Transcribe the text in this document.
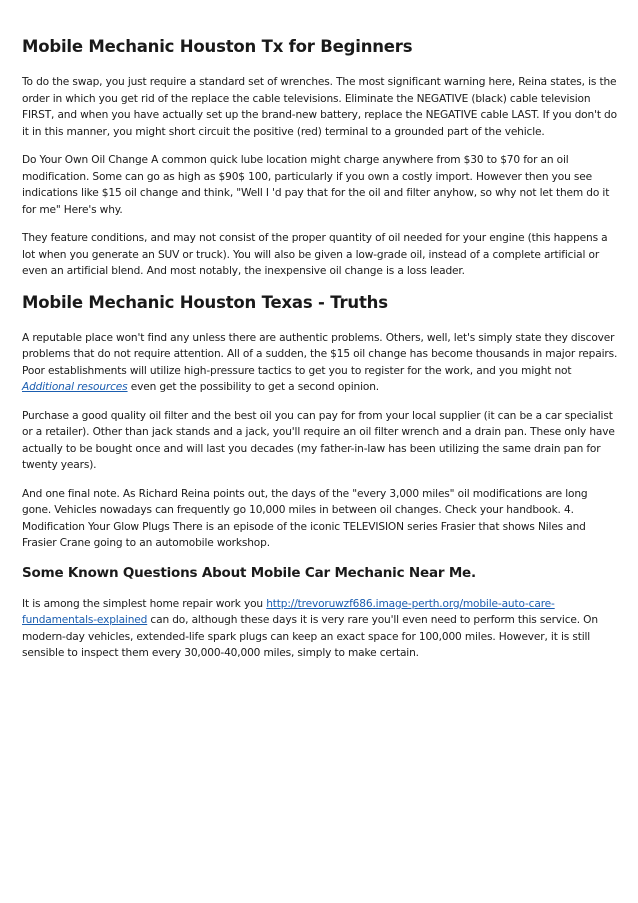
Mobile Mechanic Houston Tx for Beginners

To do the swap, you just require a standard set of wrenches. The most significant warning here, Reina states, is the order in which you get rid of the replace the cable televisions. Eliminate the NEGATIVE (black) cable television FIRST, and when you have actually set up the brand-new battery, replace the NEGATIVE cable LAST. If you don't do it in this manner, you might short circuit the positive (red) terminal to a grounded part of the vehicle.

Do Your Own Oil Change A common quick lube location might charge anywhere from $30 to $70 for an oil modification. Some can go as high as $90$ 100, particularly if you own a costly import. However then you see indications like $15 oil change and think, "Well I 'd pay that for the oil and filter anyhow, so why not let them do it for me" Here's why.

They feature conditions, and may not consist of the proper quantity of oil needed for your engine (this happens a lot when you generate an SUV or truck). You will also be given a low-grade oil, instead of a complete artificial or even an artificial blend. And most notably, the inexpensive oil change is a loss leader.

Mobile Mechanic Houston Texas - Truths

A reputable place won't find any unless there are authentic problems. Others, well, let's simply state they discover problems that do not require attention. All of a sudden, the $15 oil change has become thousands in major repairs. Poor establishments will utilize high-pressure tactics to get you to register for the work, and you might not Additional resources even get the possibility to get a second opinion.

Purchase a good quality oil filter and the best oil you can pay for from your local supplier (it can be a car specialist or a retailer). Other than jack stands and a jack, you'll require an oil filter wrench and a drain pan. These only have actually to be bought once and will last you decades (my father-in-law has been utilizing the same drain pan for twenty years).

And one final note. As Richard Reina points out, the days of the "every 3,000 miles" oil modifications are long gone. Vehicles nowadays can frequently go 10,000 miles in between oil changes. Check your handbook. 4. Modification Your Glow Plugs There is an episode of the iconic TELEVISION series Frasier that shows Niles and Frasier Crane going to an automobile workshop.

Some Known Questions About Mobile Car Mechanic Near Me.

It is among the simplest home repair work you http://trevoruwzf686.image-perth.org/mobile-auto-care-fundamentals-explained can do, although these days it is very rare you'll even need to perform this service. On modern-day vehicles, extended-life spark plugs can keep an exact space for 100,000 miles. However, it is still sensible to inspect them every 30,000-40,000 miles, simply to make certain.
